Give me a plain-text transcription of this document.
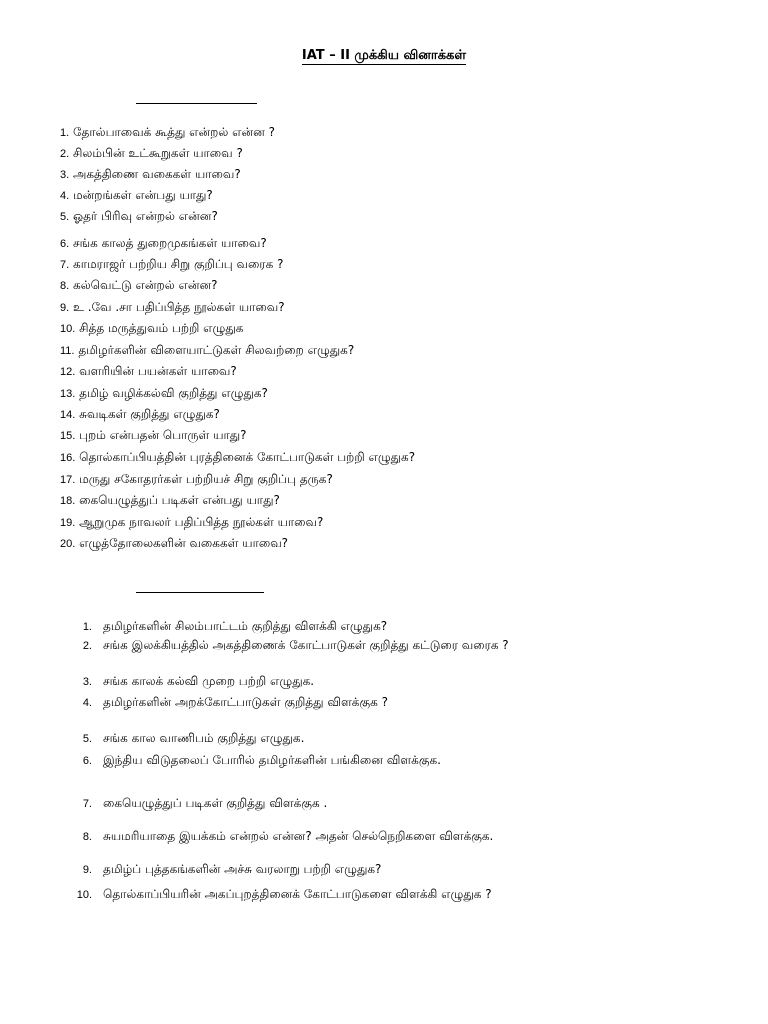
IAT – II முக்கிய வினாக்கள்
1. தோல்பாவைக் கூத்து என்றல் என்ன ?
2. சிலம்பின் உட்கூறுகள் யாவை ?
3. அகத்திணை வகைகள் யாவை?
4. மன்றங்கள் என்பது யாது?
5. ஓதர் பிரிவு என்றல் என்ன?
6. சங்க காலத் துறைமுகங்கள் யாவை?
7. காமராஜர் பற்றிய சிறு குறிப்பு வரைக ?
8. கல்வெட்டு என்றல் என்ன?
9. உ .வே .சா பதிப்பித்த நூல்கள் யாவை?
10. சித்த மருத்துவம் பற்றி எழுதுக
11. தமிழர்களின் விளையாட்டுகள் சிலவற்றை எழுதுக?
12. வளரியின் பயன்கள் யாவை?
13. தமிழ் வழிக்கல்வி குறித்து எழுதுக?
14. சுவடிகள் குறித்து எழுதுக?
15. புறம் என்பதன் பொருள் யாது?
16. தொல்காப்பியத்தின் புரத்தினைக் கோட்பாடுகள் பற்றி எழுதுக?
17. மருது சகோதரர்கள் பற்றியச் சிறு குறிப்பு தருக?
18. கையெழுத்துப் படிகள் என்பது யாது?
19. ஆறுமுக நாவலர் பதிப்பித்த நூல்கள் யாவை?
20. எழுத்தோலைகளின் வகைகள் யாவை?
1. தமிழர்களின் சிலம்பாட்டம் குறித்து விளக்கி எழுதுக?
2. சங்க இலக்கியத்தில் அகத்திணைக் கோட்பாடுகள் குறித்து கட்டுரை வரைக ?
3. சங்க காலக் கல்வி முறை பற்றி எழுதுக.
4. தமிழர்களின் அறக்கோட்பாடுகள் குறித்து விளக்குக ?
5. சங்க கால வாணிபம் குறித்து எழுதுக.
6. இந்திய விடுதலைப் போரில் தமிழர்களின் பங்கினை விளக்குக.
7. கையெழுத்துப் படிகள் குறித்து விளக்குக .
8. சுயமரியாதை இயக்கம் என்றல் என்ன? அதன் செல்நெறிகளை விளக்குக.
9. தமிழ்ப் புத்தகங்களின் அச்சு வரலாறு பற்றி எழுதுக?
10. தொல்காப்பியரின் அகப்புறத்தினைக் கோட்பாடுகளை விளக்கி எழுதுக ?
